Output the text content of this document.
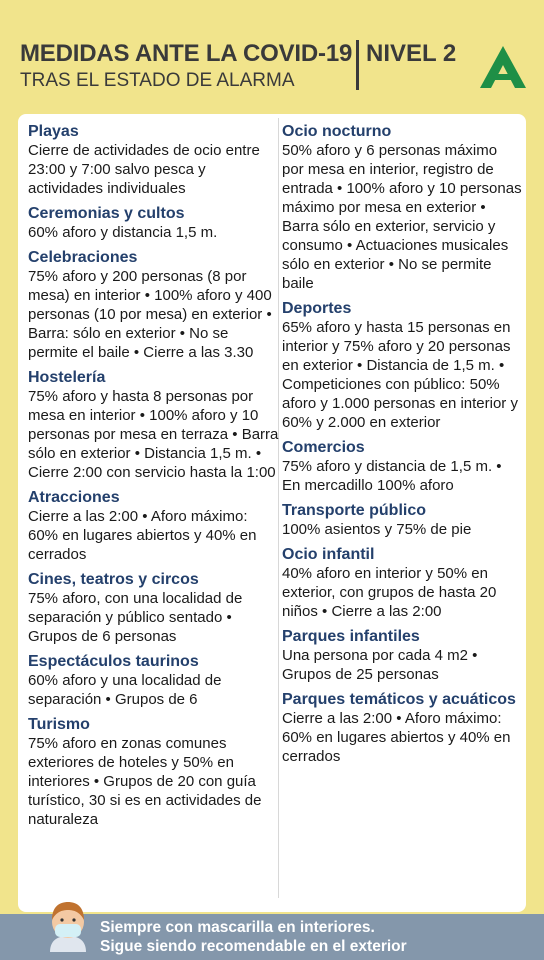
MEDIDAS ANTE LA COVID-19 NIVEL 2
TRAS EL ESTADO DE ALARMA
Playas
Cierre de actividades de ocio entre 23:00 y 7:00 salvo pesca y actividades individuales
Ceremonias y cultos
60% aforo y distancia 1,5 m.
Celebraciones
75% aforo y 200 personas (8 por mesa) en interior • 100% aforo y 400 personas (10 por mesa) en exterior • Barra: sólo en exterior • No se permite el baile • Cierre a las 3.30
Hostelería
75% aforo y hasta 8 personas por mesa en interior • 100% aforo y 10 personas por mesa en terraza • Barra sólo en exterior • Distancia 1,5 m. • Cierre 2:00 con servicio hasta la 1:00
Atracciones
Cierre a las 2:00 • Aforo máximo: 60% en lugares abiertos y 40% en cerrados
Cines, teatros y circos
75% aforo, con una localidad de separación y público sentado • Grupos de 6 personas
Espectáculos taurinos
60% aforo y una localidad de separación • Grupos de 6
Turismo
75% aforo en zonas comunes exteriores de hoteles y 50% en interiores • Grupos de 20 con guía turístico, 30 si es en actividades de naturaleza
Ocio nocturno
50% aforo y 6 personas máximo por mesa en interior, registro de entrada • 100% aforo y 10 personas máximo por mesa en exterior • Barra sólo en exterior, servicio y consumo • Actuaciones musicales sólo en exterior • No se permite baile
Deportes
65% aforo y hasta 15 personas en interior y 75% aforo y 20 personas en exterior • Distancia de 1,5 m. • Competiciones con público: 50% aforo y 1.000 personas en interior y 60% y 2.000 en exterior
Comercios
75% aforo y distancia de 1,5 m. • En mercadillo 100% aforo
Transporte público
100% asientos y 75% de pie
Ocio infantil
40% aforo en interior y 50% en exterior, con grupos de hasta 20 niños • Cierre a las 2:00
Parques infantiles
Una persona por cada 4 m2 • Grupos de 25 personas
Parques temáticos y acuáticos
Cierre a las 2:00 • Aforo máximo: 60% en lugares abiertos y 40% en cerrados
Siempre con mascarilla en interiores.
Sigue siendo recomendable en el exterior
